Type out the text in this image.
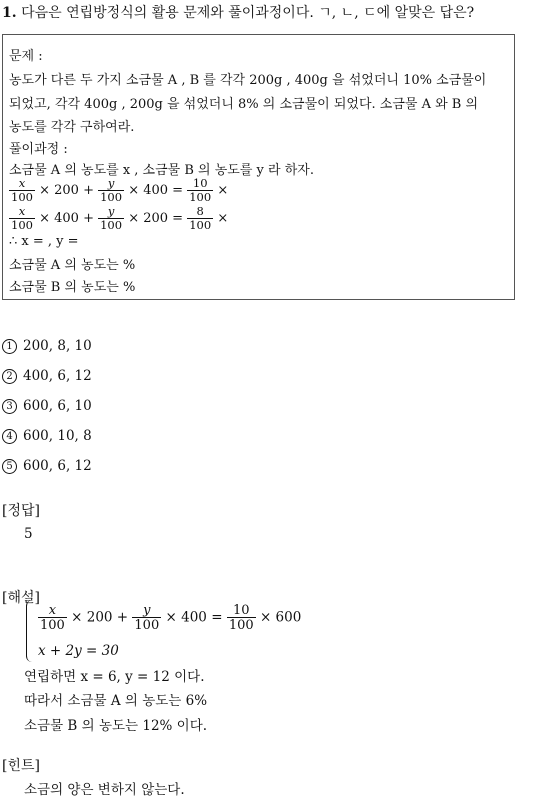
1. 다음은 연립방정식의 활용 문제와 풀이과정이다. ㄱ, ㄴ, ㄷ에 알맞은 답은?
문제 :
농도가 다른 두 가지 소금물 A , B 를 각각 200g , 400g 을 섞었더니 10% 소금물이
되었고, 각각 400g , 200g 을 섞었더니 8% 의 소금물이 되었다. 소금물 A 와 B 의
농도를 각각 구하여라.
풀이과정 :
소금물 A 의 농도를 x , 소금물 B 의 농도를 y 라 하자.
$\frac{x}{100} \times 200 + \frac{y}{100} \times 400 = \frac{10}{100}$ ×
$\frac{x}{100} \times 400 + \frac{y}{100} \times 200 = \frac{8}{100}$ ×
∴ x = , y =
소금물 A 의 농도는 %
소금물 B 의 농도는 %
1 200, 8, 10
2 400, 6, 12
3 600, 6, 10
4 600, 10, 8
5 600, 6, 12
[정답]
5
[해설]
$\frac{x}{100} \times 200 + \frac{y}{100} \times 400 = \frac{10}{100} \times 600$
x + 2y = 30
연립하면 x = 6, y = 12 이다.
따라서 소금물 A 의 농도는 6%
소금물 B 의 농도는 12% 이다.
[힌트]
소금의 양은 변하지 않는다.
